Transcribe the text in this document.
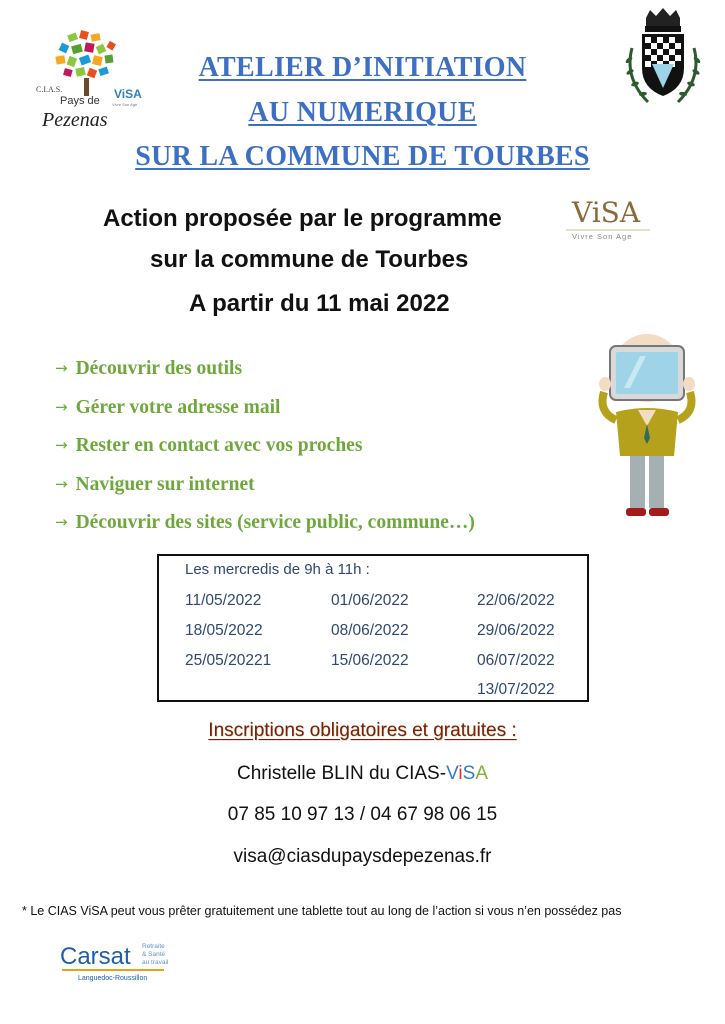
C.I.A.S.
Pays de
Pezenas
ViSA
Vivre Son Age
ATELIER D’INITIATION
AU NUMERIQUE
SUR LA COMMUNE DE TOURBES
Action proposée par le programme
sur la commune de Tourbes
A partir du 11 mai 2022
ViSA
Vivre Son Age
→ Découvrir des outils
→ Gérer votre adresse mail
→ Rester en contact avec vos proches
→ Naviguer sur internet
→ Découvrir des sites (service public, commune…)
Les mercredis de 9h à 11h :
11/05/2022
18/05/2022
25/05/20221
01/06/2022
08/06/2022
15/06/2022
22/06/2022
29/06/2022
06/07/2022
13/07/2022
Inscriptions obligatoires et gratuites :
Christelle BLIN du CIAS-ViSA
07 85 10 97 13 / 04 67 98 06 15
visa@ciasdupaysdepezenas.fr
* Le CIAS ViSA peut vous prêter gratuitement une tablette tout au long de l’action si vous n’en possédez pas
Carsat Retraite
& Santé
au travail
Languedoc-Roussillon
